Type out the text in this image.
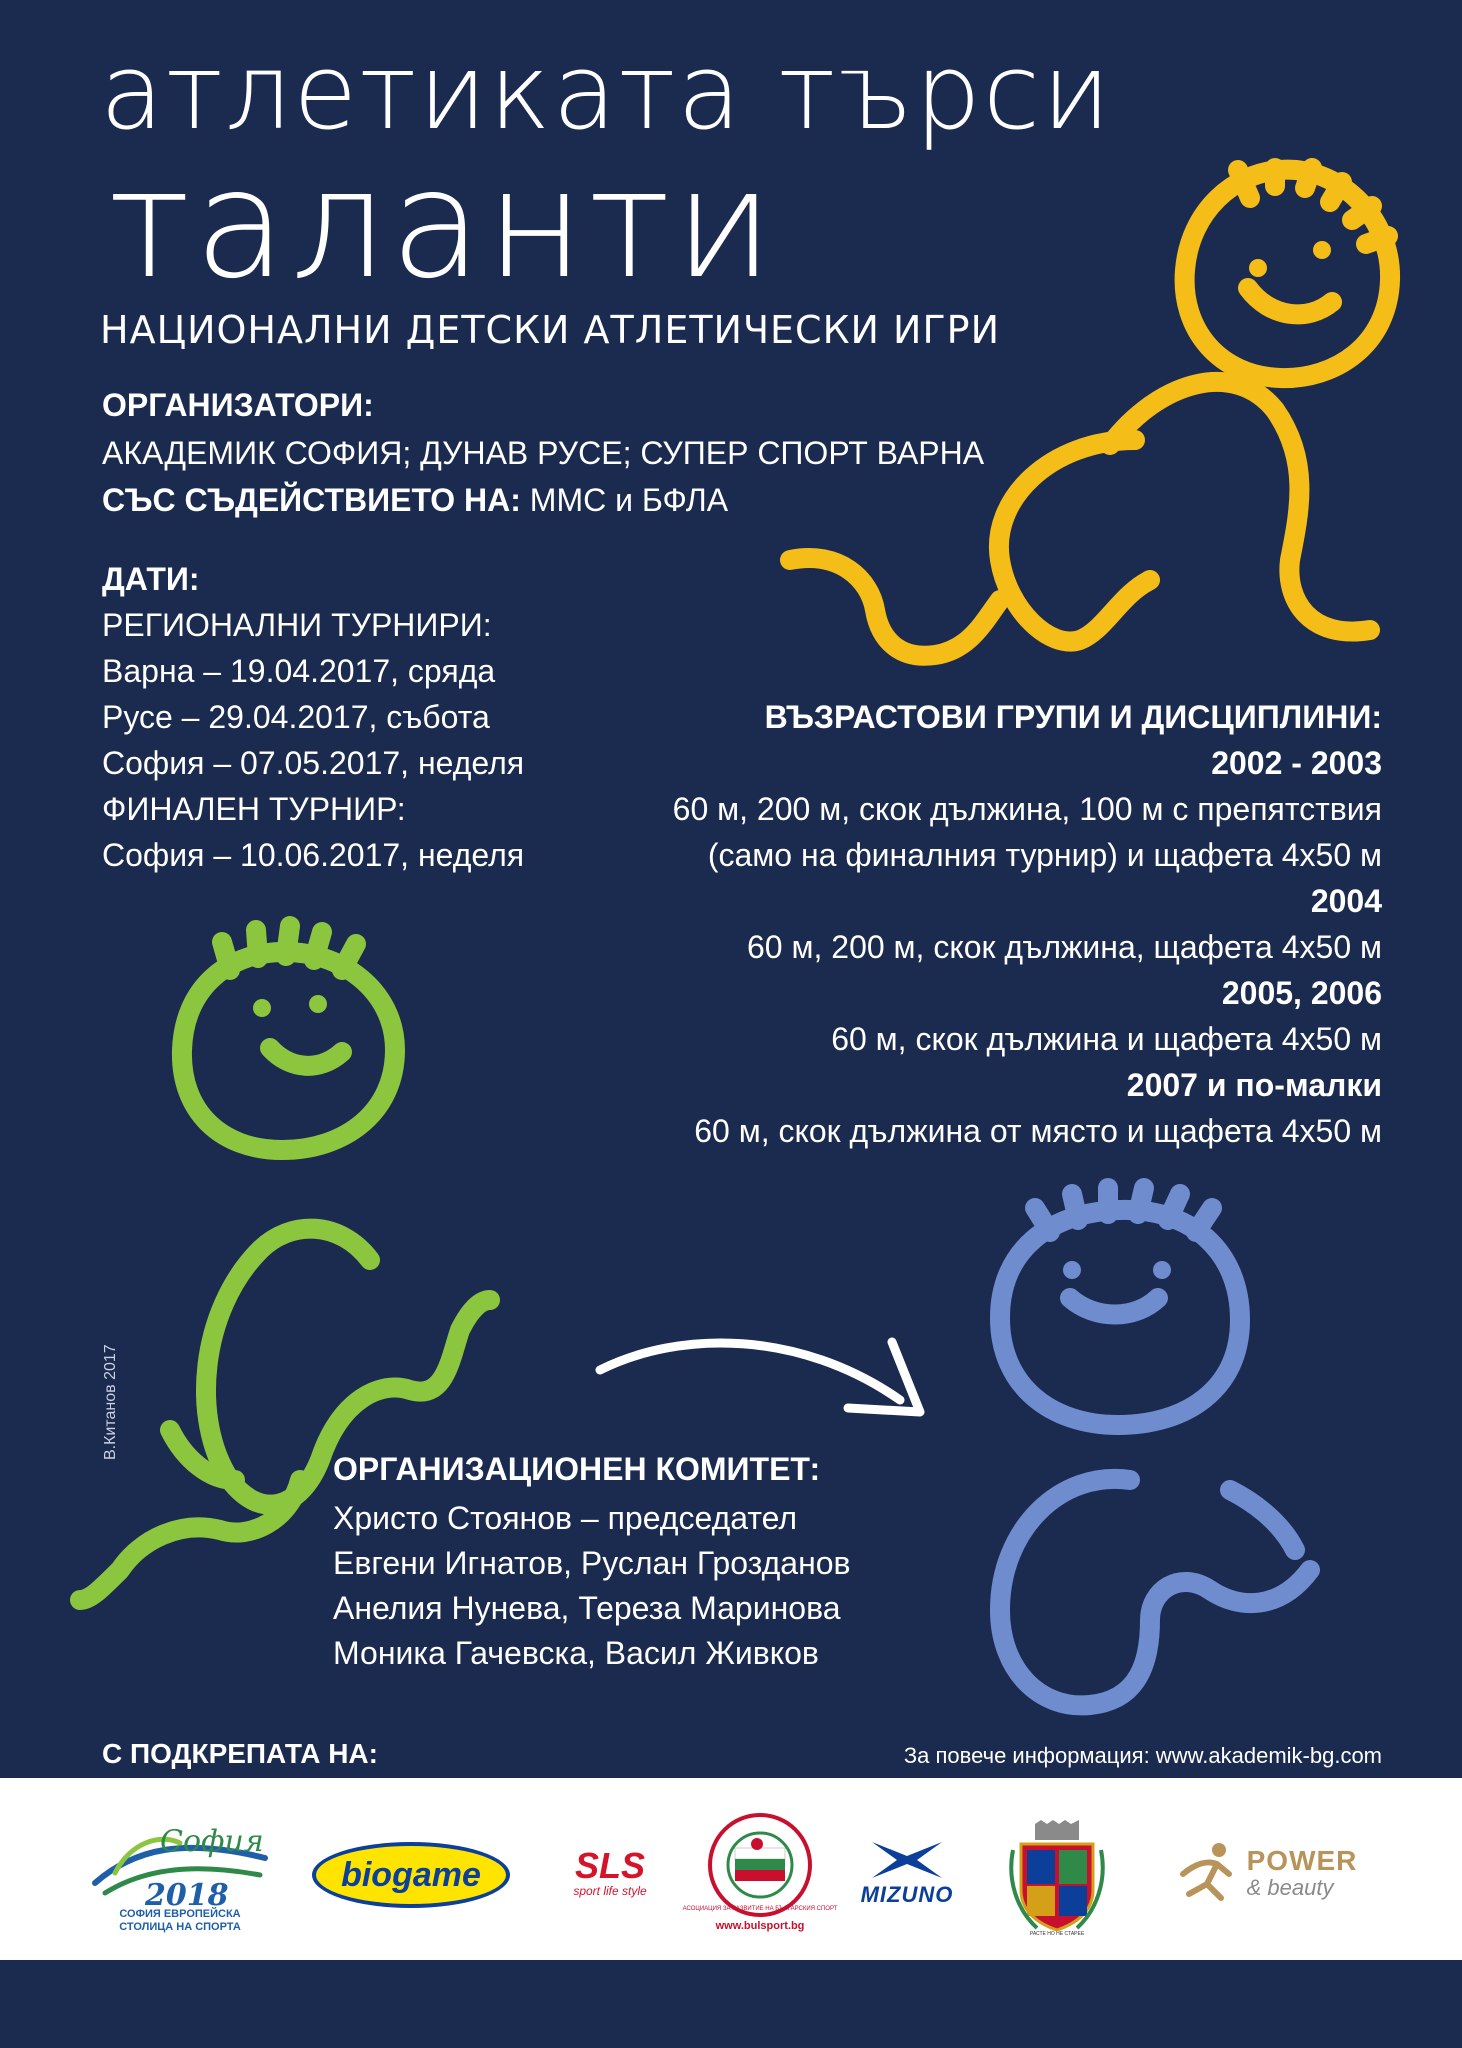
атлетиката търси
таланти
НАЦИОНАЛНИ ДЕТСКИ АТЛЕТИЧЕСКИ ИГРИ
ОРГАНИЗАТОРИ:
АКАДЕМИК СОФИЯ; ДУНАВ РУСЕ; СУПЕР СПОРТ ВАРНА
СЪС СЪДЕЙСТВИЕТО НА: ММС и БФЛА
ДАТИ:
РЕГИОНАЛНИ ТУРНИРИ:
Варна – 19.04.2017, сряда
Русе – 29.04.2017, събота
София – 07.05.2017, неделя
ФИНАЛЕН ТУРНИР:
София – 10.06.2017, неделя
ВЪЗРАСТОВИ ГРУПИ И ДИСЦИПЛИНИ:
2002 - 2003
60 м, 200 м, скок дължина, 100 м с препятствия
(само на финалния турнир) и щафета 4х50 м
2004
60 м, 200 м, скок дължина, щафета 4х50 м
2005, 2006
60 м, скок дължина и щафета 4х50 м
2007 и по-малки
60 м, скок дължина от място и щафета 4х50 м
В.Китанов 2017
ОРГАНИЗАЦИОНЕН КОМИТЕТ:
Христо Стоянов – председател
Евгени Игнатов, Руслан Грозданов
Анелия Нунева, Тереза Маринова
Моника Гачевска, Васил Живков
С ПОДКРЕПАТА НА:	За повече информация: www.akademik-bg.com
София
2018
СОФИЯ ЕВРОПЕЙСКА
СТОЛИЦА НА СПОРТА
biogame	SLS
sport life style
АСОЦИАЦИЯ ЗА РАЗВИТИЕ НА БЪЛГАРСКИЯ СПОРТ
www.bulsport.bg
MIZUNO
РАСТЕ НО НЕ СТАРЕЕ
POWER
& beauty
